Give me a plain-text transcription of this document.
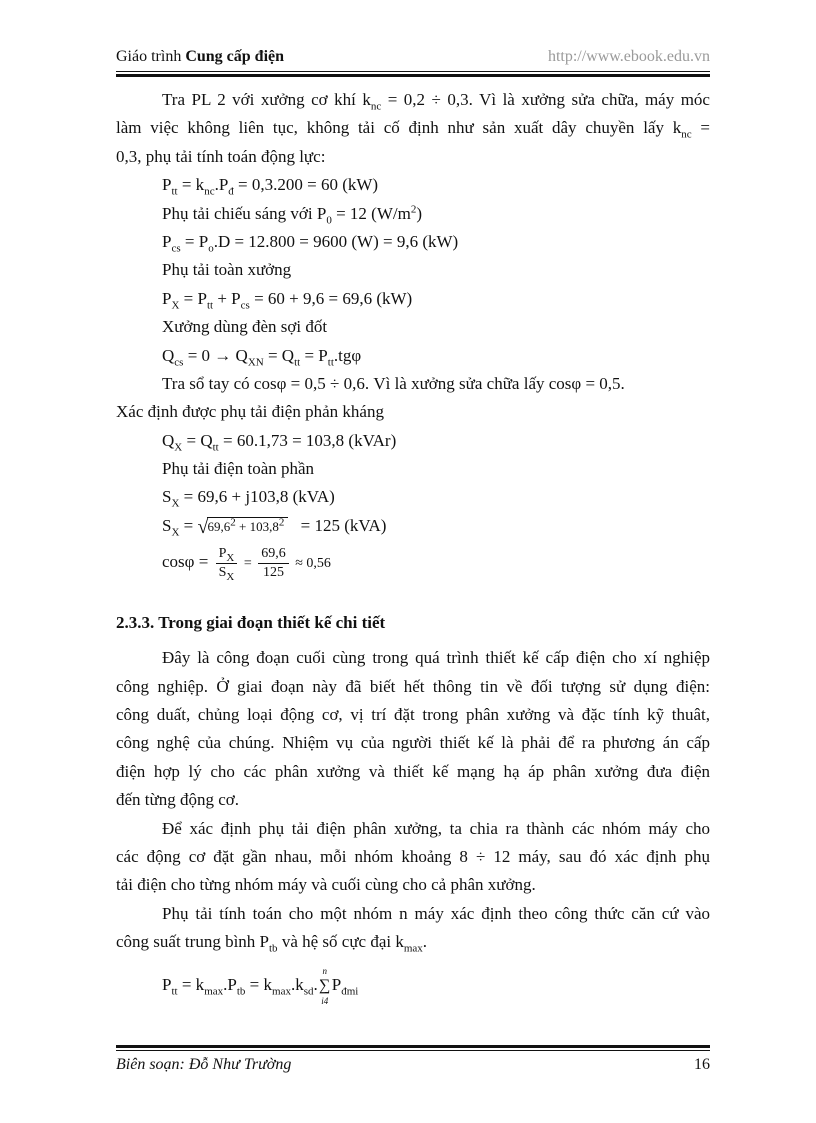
Giáo trình Cung cấp điện	http://www.ebook.edu.vn
Tra PL 2 với xưởng cơ khí $k_{nc} = 0,2 \div 0,3$. Vì là xưởng sửa chữa, máy móc
làm việc không liên tục, không tải cố định như sản xuất dây chuyền lấy $k_{nc}$ =
0,3, phụ tải tính toán động lực:
$P_{tt} = k_{nc}.P_đ = 0,3.200 = 60$ (kW)
Phụ tải chiếu sáng với $P_0 = 12$ $(W/m^2)$
$P_{cs} = P_o.D = 12.800 = 9600$ (W) = 9,6 (kW)
Phụ tải toàn xưởng
$P_X = P_{tt} + P_{cs} = 60 + 9,6 = 69,6$ (kW)
Xưởng dùng đèn sợi đốt
$Q_{cs} = 0 \to Q_{XN} = Q_{tt} = P_{tt}.tg\varphi$
Tra sổ tay có cosφ = 0,5 ÷ 0,6. Vì là xưởng sửa chữa lấy cosφ = 0,5.
Xác định được phụ tải điện phản kháng
$Q_X = Q_{tt} = 60.1,73 = 103,8$ (kVAr)
Phụ tải điện toàn phần
$S_X = 69,6 + j103,8$ (kVA)
$S_X$ = √ $69,6^2 + 103,8^2 = 125$ (kVA)
$\cos\varphi = \frac{P_X}{S_X} = \frac{69,6}{125} \approx 0,56$
2.3.3. Trong giai đoạn thiết kế chi tiết
Đây là công đoạn cuối cùng trong quá trình thiết kế cấp điện cho xí nghiệp
công nghiệp. Ở giai đoạn này đã biết hết thông tin về đối tượng sử dụng điện:
công duất, chủng loại động cơ, vị trí đặt trong phân xưởng và đặc tính kỹ thuât,
công nghệ của chúng. Nhiệm vụ của người thiết kế là phải để ra phương án cấp
điện hợp lý cho các phân xưởng và thiết kế mạng hạ áp phân xưởng đưa điện
đến từng động cơ.
Để xác định phụ tải điện phân xưởng, ta chia ra thành các nhóm máy cho
các động cơ đặt gần nhau, mỗi nhóm khoảng 8 ÷ 12 máy, sau đó xác định phụ
tải điện cho từng nhóm máy và cuối cùng cho cả phân xưởng.
Phụ tải tính toán cho một nhóm n máy xác định theo công thức căn cứ vào
công suất trung bình $P_{tb}$ và hệ số cực đại $k_{max}$.
$P_{tt} = k_{max}.P_{tb} = k_{max}.k_{sd}$.
n
∑
i4
$P_{đmi}$
Biên soạn: Đỗ Như Trường	16
